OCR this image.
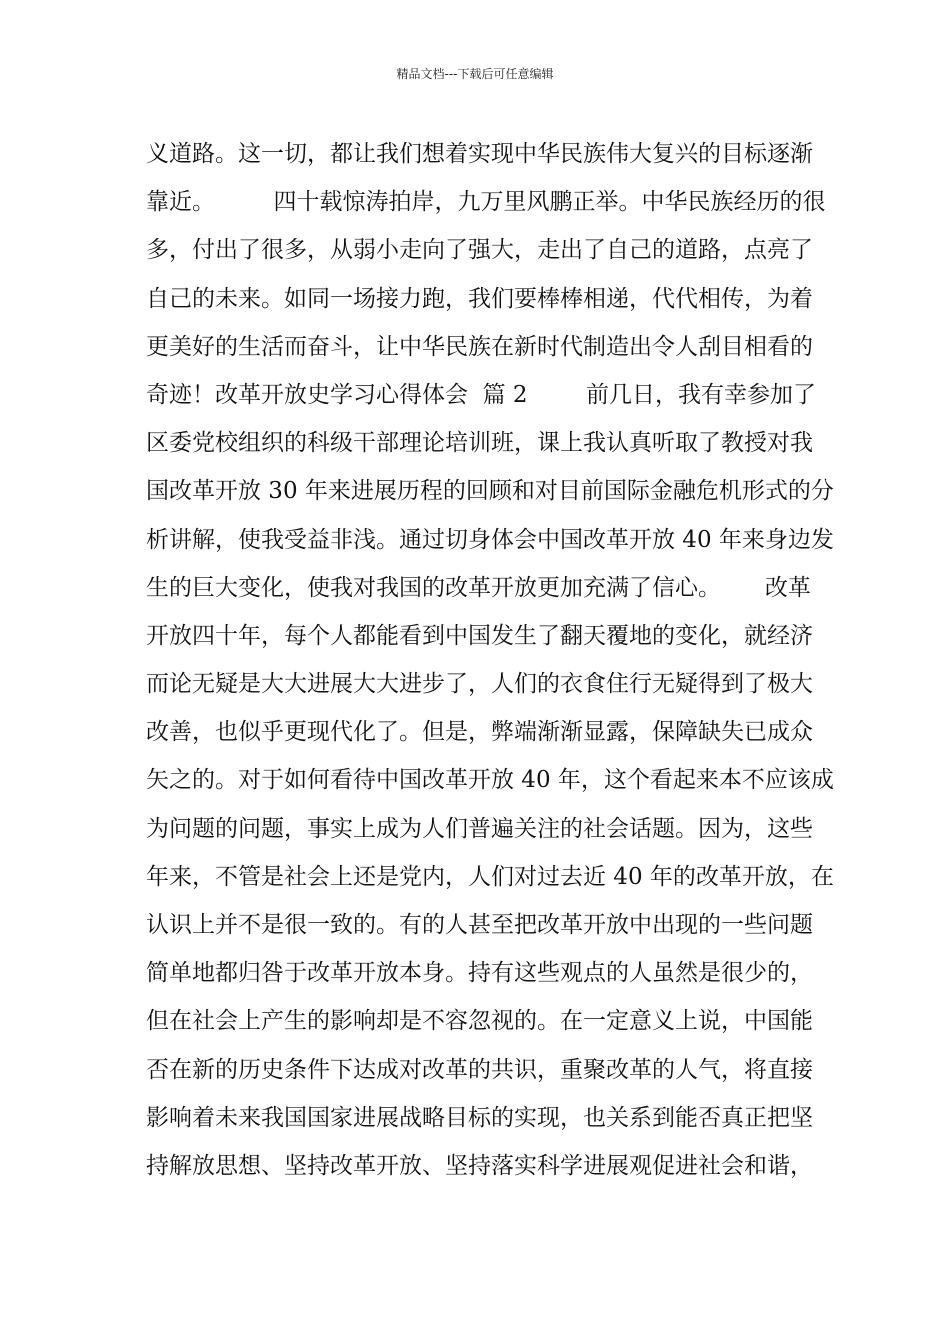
精品文档---下载后可任意编辑
义道路。这一切，都让我们想着实现中华民族伟大复兴的目标逐渐
靠近。        四十载惊涛拍岸，九万里风鹏正举。中华民族经历的很
多，付出了很多，从弱小走向了强大，走出了自己的道路，点亮了
自己的未来。如同一场接力跑，我们要棒棒相递，代代相传，为着
更美好的生活而奋斗，让中华民族在新时代制造出令人刮目相看的
奇迹！改革开放史学习心得体会  篇 2        前几日，我有幸参加了
区委党校组织的科级干部理论培训班，课上我认真听取了教授对我
国改革开放 30 年来进展历程的回顾和对目前国际金融危机形式的分
析讲解，使我受益非浅。通过切身体会中国改革开放 40 年来身边发
生的巨大变化，使我对我国的改革开放更加充满了信心。      改革
开放四十年，每个人都能看到中国发生了翻天覆地的变化，就经济
而论无疑是大大进展大大进步了，人们的衣食住行无疑得到了极大
改善，也似乎更现代化了。但是，弊端渐渐显露，保障缺失已成众
矢之的。对于如何看待中国改革开放 40 年，这个看起来本不应该成
为问题的问题，事实上成为人们普遍关注的社会话题。因为，这些
年来，不管是社会上还是党内，人们对过去近 40 年的改革开放，在
认识上并不是很一致的。有的人甚至把改革开放中出现的一些问题
简单地都归咎于改革开放本身。持有这些观点的人虽然是很少的，
但在社会上产生的影响却是不容忽视的。在一定意义上说，中国能
否在新的历史条件下达成对改革的共识，重聚改革的人气，将直接
影响着未来我国国家进展战略目标的实现，也关系到能否真正把坚
持解放思想、坚持改革开放、坚持落实科学进展观促进社会和谐，
